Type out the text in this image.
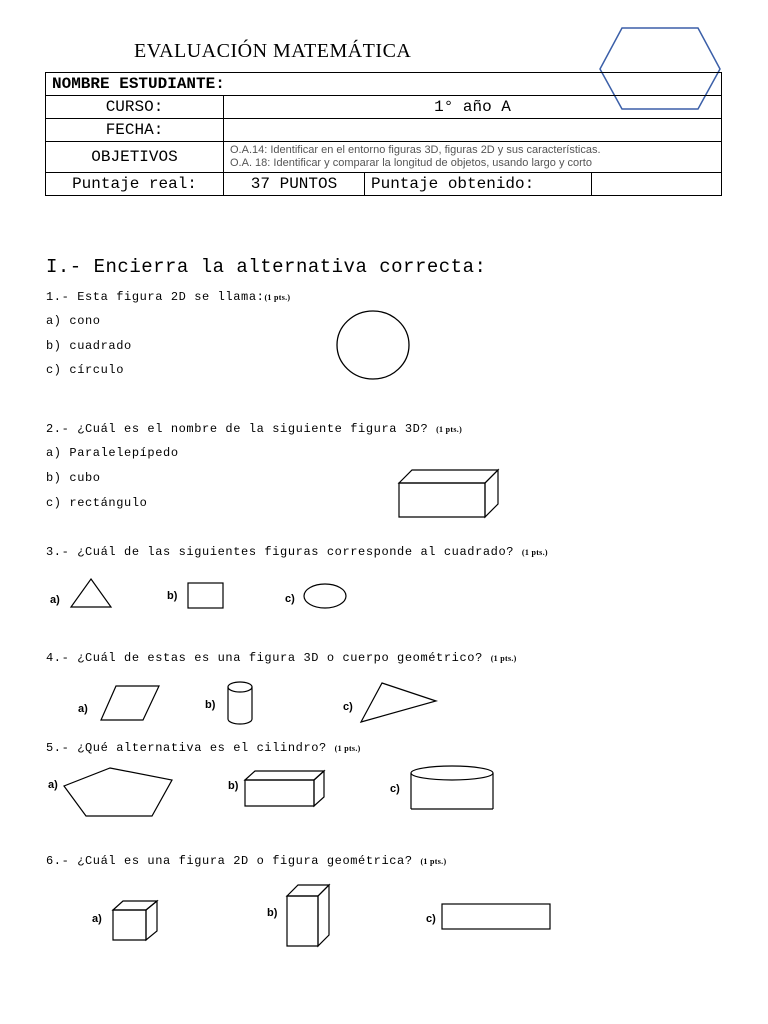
EVALUACIÓN MATEMÁTICA
NOMBRE ESTUDIANTE:			
CURSO:	1° año A		
FECHA:			
OBJETIVOS	O.A.14: Identificar en el entorno figuras 3D, figuras 2D y sus características.
O.A. 18: Identificar y comparar la longitud de objetos, usando largo y corto		

Puntaje real:	37 PUNTOS	Puntaje obtenido:	
I.- Encierra la alternativa correcta:
1.- Esta figura 2D se llama:(1 pts.)
a) cono
b) cuadrado
c) círculo
2.- ¿Cuál es el nombre de la siguiente figura 3D? (1 pts.)
a) Paralelepípedo
b) cubo
c) rectángulo
3.- ¿Cuál de las siguientes figuras corresponde al cuadrado? (1 pts.)
a)	b)	c)
4.- ¿Cuál de estas es una figura 3D o cuerpo geométrico? (1 pts.)
a)	b)	c)
5.- ¿Qué alternativa es el cilindro? (1 pts.)
a)	b)	c)
6.- ¿Cuál es una figura 2D o figura geométrica? (1 pts.)
a)	b)	c)
